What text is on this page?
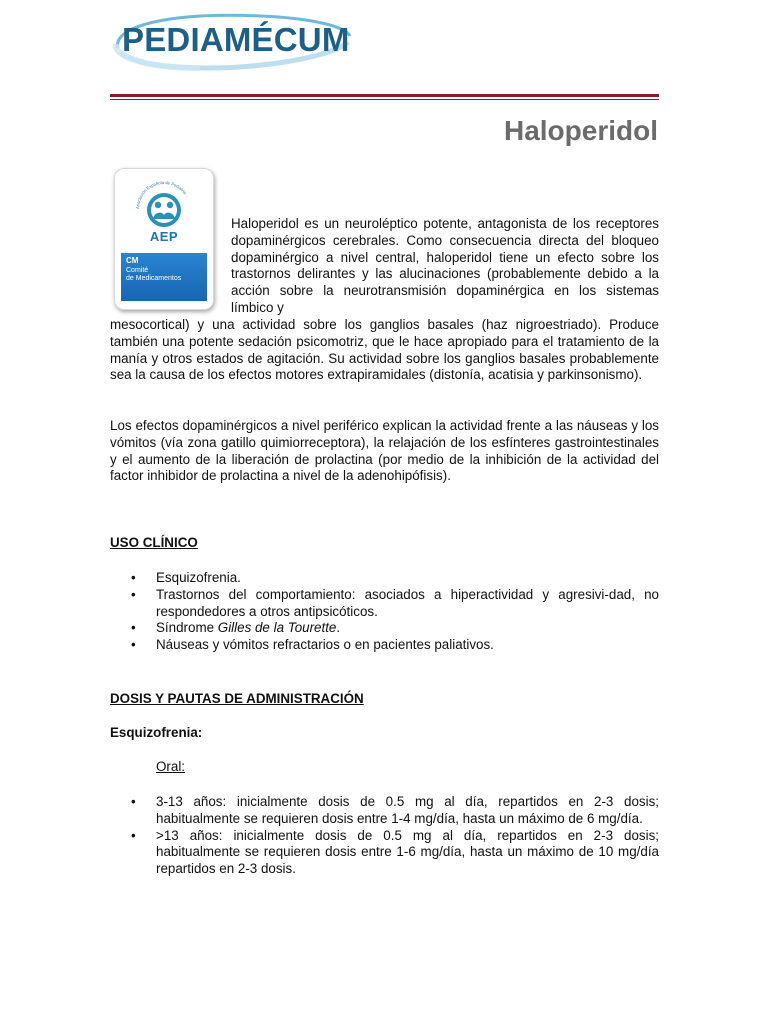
PEDIAMÉCUM
Haloperidol
Asociación Española de Pediatría
AEP
CM
Comité
de Medicamentos
Haloperidol es un neuroléptico potente, antagonista de los receptores dopaminérgicos cerebrales. Como consecuencia directa del bloqueo dopaminérgico a nivel central, haloperidol tiene un efecto sobre los trastornos delirantes y las alucinaciones (probablemente debido a la acción sobre la neurotransmisión dopaminérgica en los sistemas límbico y
mesocortical) y una actividad sobre los ganglios basales (haz nigroestriado). Produce también una potente sedación psicomotriz, que le hace apropiado para el tratamiento de la manía y otros estados de agitación. Su actividad sobre los ganglios basales probablemente sea la causa de los efectos motores extrapiramidales (distonía, acatisia y parkinsonismo).
Los efectos dopaminérgicos a nivel periférico explican la actividad frente a las náuseas y los vómitos (vía zona gatillo quimiorreceptora), la relajación de los esfínteres gastrointestinales y el aumento de la liberación de prolactina (por medio de la inhibición de la actividad del factor inhibidor de prolactina a nivel de la adenohipófisis).
USO CLÍNICO
• Esquizofrenia.
• Trastornos del comportamiento: asociados a hiperactividad y agresivi-dad, no respondedores a otros antipsicóticos.
• Síndrome Gilles de la Tourette.
• Náuseas y vómitos refractarios o en pacientes paliativos.
DOSIS Y PAUTAS DE ADMINISTRACIÓN
Esquizofrenia:
Oral:
• 3-13 años: inicialmente dosis de 0.5 mg al día, repartidos en 2-3 dosis; habitualmente se requieren dosis entre 1-4 mg/día, hasta un máximo de 6 mg/día.
• >13 años: inicialmente dosis de 0.5 mg al día, repartidos en 2-3 dosis; habitualmente se requieren dosis entre 1-6 mg/día, hasta un máximo de 10 mg/día repartidos en 2-3 dosis.
